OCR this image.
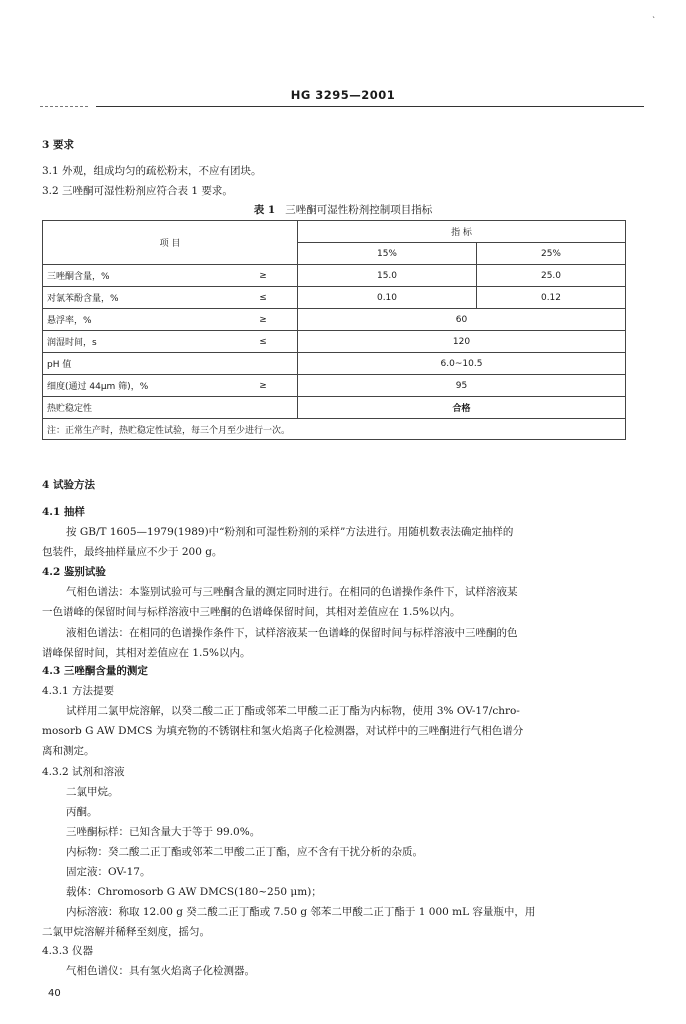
`
HG 3295—2001
3 要求
3.1 外观，组成均匀的疏松粉末，不应有团块。
3.2 三唑酮可湿性粉剂应符合表 1 要求。
表 1 三唑酮可湿性粉剂控制项目指标
项 目		指 标	
		15%	25%
三唑酮含量，%	≥	15.0	25.0
对氯苯酚含量，%	≤	0.10	0.12
悬浮率，%	≥	60	
润湿时间，s	≤	120	
pH 值		6.0~10.5	
细度(通过 44μm 筛)，%	≥	95	
热贮稳定性		合格	
注：正常生产时，热贮稳定性试验，每三个月至少进行一次。			
4 试验方法
4.1 抽样
按 GB/T 1605—1979(1989)中“粉剂和可湿性粉剂的采样”方法进行。用随机数表法确定抽样的
包装件，最终抽样量应不少于 200 g。
4.2 鉴别试验
气相色谱法：本鉴别试验可与三唑酮含量的测定同时进行。在相同的色谱操作条件下，试样溶液某
一色谱峰的保留时间与标样溶液中三唑酮的色谱峰保留时间，其相对差值应在 1.5%以内。
液相色谱法：在相同的色谱操作条件下，试样溶液某一色谱峰的保留时间与标样溶液中三唑酮的色
谱峰保留时间，其相对差值应在 1.5%以内。
4.3 三唑酮含量的测定
4.3.1 方法提要
试样用二氯甲烷溶解，以癸二酸二正丁酯或邻苯二甲酸二正丁酯为内标物，使用 3% OV-17/chro-
mosorb G AW DMCS 为填充物的不锈钢柱和氢火焰离子化检测器，对试样中的三唑酮进行气相色谱分
离和测定。
4.3.2 试剂和溶液
二氯甲烷。
丙酮。
三唑酮标样：已知含量大于等于 99.0%。
内标物：癸二酸二正丁酯或邻苯二甲酸二正丁酯，应不含有干扰分析的杂质。
固定液：OV-17。
载体：Chromosorb G AW DMCS(180~250 μm)；
内标溶液：称取 12.00 g 癸二酸二正丁酯或 7.50 g 邻苯二甲酸二正丁酯于 1 000 mL 容量瓶中，用
二氯甲烷溶解并稀释至刻度，摇匀。
4.3.3 仪器
气相色谱仪：具有氢火焰离子化检测器。
40
